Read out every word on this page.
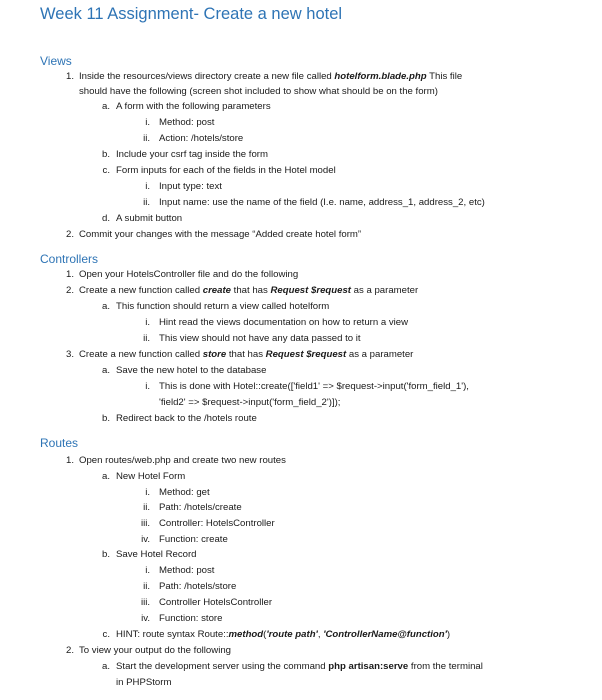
Week 11 Assignment- Create a new hotel
Views
1. Inside the resources/views directory create a new file called hotelform.blade.php This file
should have the following (screen shot included to show what should be on the form)
a. A form with the following parameters
i. Method: post
ii. Action: /hotels/store
b. Include your csrf tag inside the form
c. Form inputs for each of the fields in the Hotel model
i. Input type: text
ii. Input name: use the name of the field (I.e. name, address_1, address_2, etc)
d. A submit button
2. Commit your changes with the message “Added create hotel form”
Controllers
1. Open your HotelsController file and do the following
2. Create a new function called create that has Request $request as a parameter
a. This function should return a view called hotelform
i. Hint read the views documentation on how to return a view
ii. This view should not have any data passed to it
3. Create a new function called store that has Request $request as a parameter
a. Save the new hotel to the database
i. This is done with Hotel::create(['field1' => $request->input('form_field_1'),
'field2' => $request->input('form_field_2')]);
b. Redirect back to the /hotels route
Routes
1. Open routes/web.php and create two new routes
a. New Hotel Form
i. Method: get
ii. Path: /hotels/create
iii. Controller: HotelsController
iv. Function: create
b. Save Hotel Record
i. Method: post
ii. Path: /hotels/store
iii. Controller HotelsController
iv. Function: store
c. HINT: route syntax Route::method('route path', 'ControllerName@function')
2. To view your output do the following
a. Start the development server using the command php artisan:serve from the terminal
in PHPStorm
